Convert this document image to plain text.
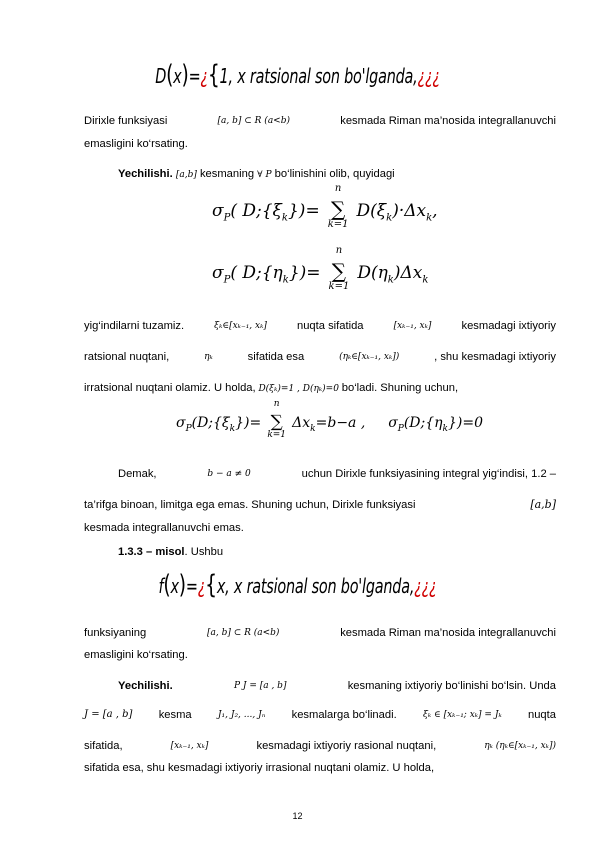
D(x)=¿{1, x ratsional son bo'lganda,¿¿¿
Dirixle funksiyasi	[a, b] ⊂ R (a<b)	kesmada Riman ma’nosida integrallanuvchi
emasligini ko‘rsating.
Yechilishi. [a,b] kesmaning ∀ P bo‘linishini olib, quyidagi
$\sigma_P$( $D;\{\xi_k\})=$
n
∑
k=1
$D(\xi_k)\cdot\Delta x_k$,
$\sigma_P$( $D;\{\eta_k\})=$
n
∑
k=1
$D(\eta_k)\Delta x_k$
yig‘indilarni tuzamiz.	ξₖ∈[xₖ₋₁, xₖ]	nuqta sifatida	[xₖ₋₁, xₖ]	kesmadagi ixtiyoriy
ratsional nuqtani,	ηₖ	sifatida esa	(ηₖ∈[xₖ₋₁, xₖ])	, shu kesmadagi ixtiyoriy
irratsional nuqtani olamiz. U holda, D(ξₖ)=1 , D(ηₖ)=0 bo‘ladi. Shuning uchun,
$\sigma_P(D;\{\xi_k\})=$
n
∑
k=1
$\Delta x_k=b-a$ , $\sigma_P(D;\{\eta_k\})=0$
Demak,	b − a ≠ 0	uchun Dirixle funksiyasining integral yig‘indisi, 1.2 –
ta’rifga binoan, limitga ega emas. Shuning uchun, Dirixle funksiyasi	[a,b]
kesmada integrallanuvchi emas.
1.3.3 – misol. Ushbu
f(x)=¿{x, x ratsional son bo'lganda,¿¿¿
funksiyaning	[a, b] ⊂ R (a<b)	kesmada Riman ma’nosida integrallanuvchi
emasligini ko‘rsating.
Yechilishi.	P J = [a , b]	kesmaning ixtiyoriy bo‘linishi bo‘lsin. Unda
J = [a , b] kesma	J₁, J₂, ..., Jₙ kesmalarga bo‘linadi.	ξₖ ∈ [xₖ₋₁; xₖ] = Jₖ nuqta
sifatida,	[xₖ₋₁, xₖ]	kesmadagi ixtiyoriy rasional nuqtani,	ηₖ (ηₖ∈[xₖ₋₁, xₖ])
sifatida esa, shu kesmadagi ixtiyoriy irrasional nuqtani olamiz. U holda,
12
